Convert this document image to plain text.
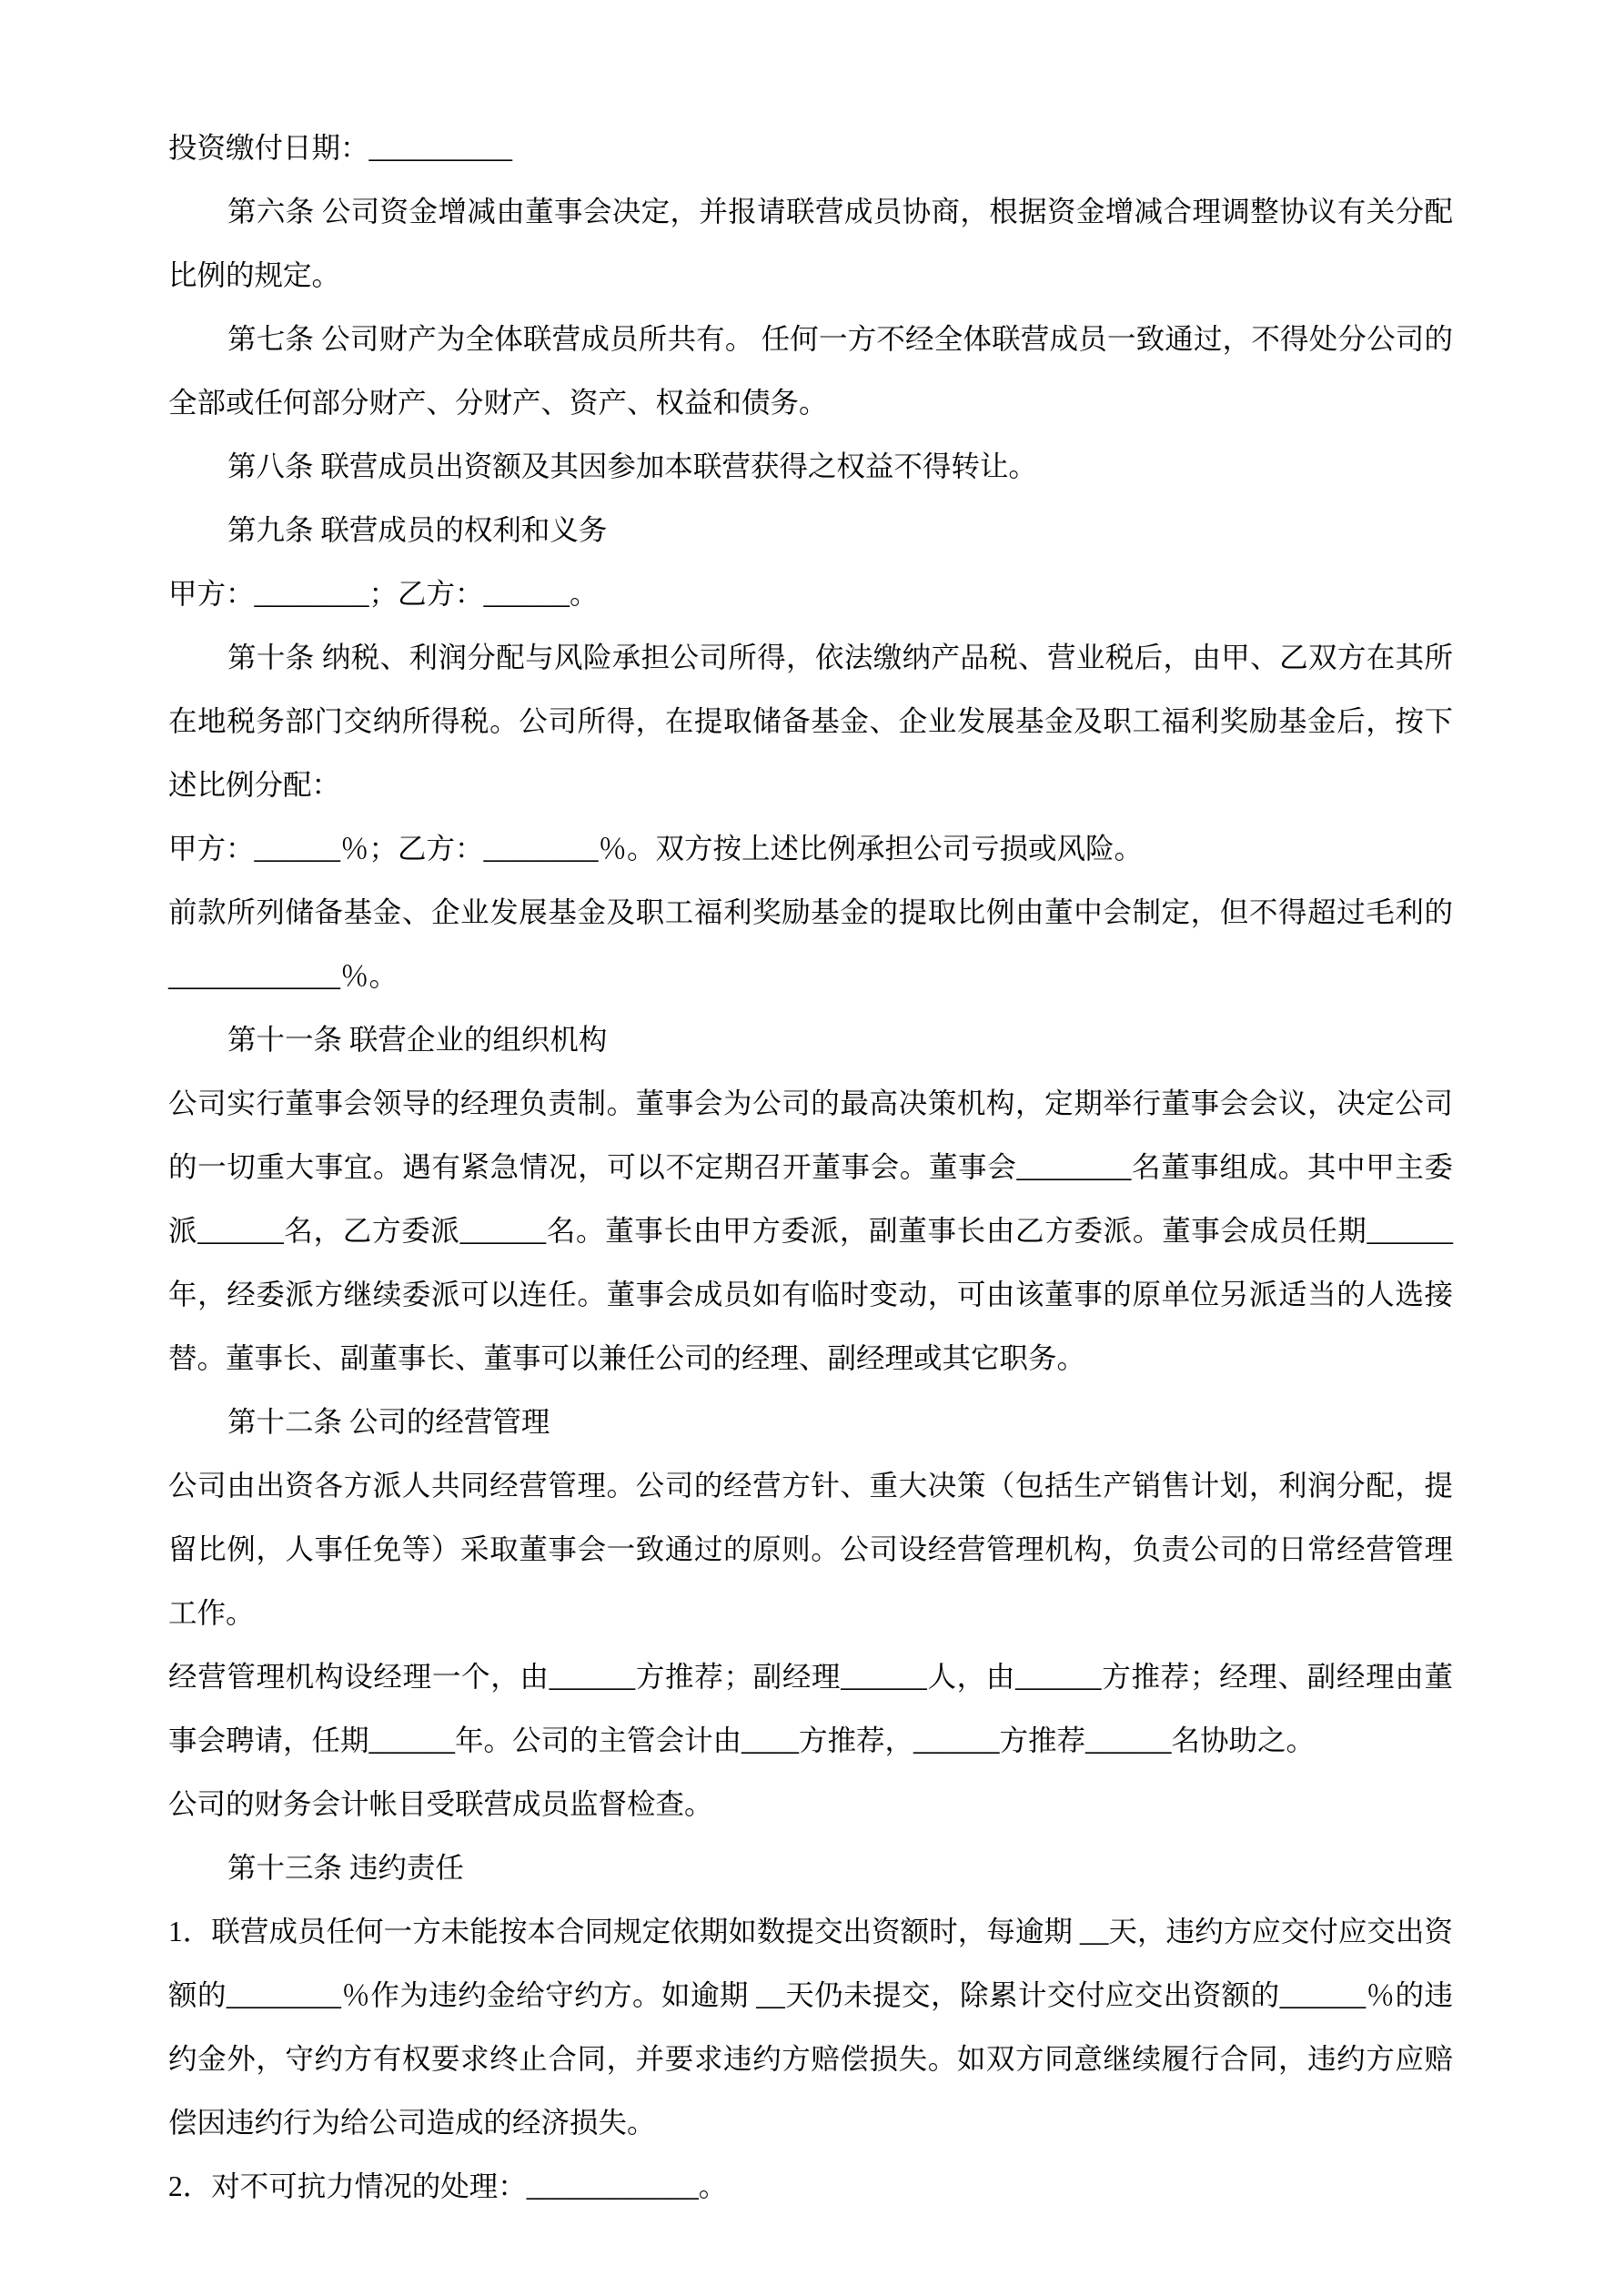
投资缴付日期：__________
第六条 公司资金增减由董事会决定，并报请联营成员协商，根据资金增减合理调整协议有关分配比例的规定。
第七条 公司财产为全体联营成员所共有。 任何一方不经全体联营成员一致通过，不得处分公司的全部或任何部分财产、分财产、资产、权益和债务。
第八条 联营成员出资额及其因参加本联营获得之权益不得转让。
第九条 联营成员的权利和义务
甲方：________；乙方：______。
第十条 纳税、利润分配与风险承担公司所得，依法缴纳产品税、营业税后，由甲、乙双方在其所在地税务部门交纳所得税。公司所得，在提取储备基金、企业发展基金及职工福利奖励基金后，按下述比例分配：
甲方：______％；乙方：________％。双方按上述比例承担公司亏损或风险。
前款所列储备基金、企业发展基金及职工福利奖励基金的提取比例由董中会制定，但不得超过毛利的____________％。
第十一条 联营企业的组织机构
公司实行董事会领导的经理负责制。董事会为公司的最高决策机构，定期举行董事会会议，决定公司的一切重大事宜。遇有紧急情况，可以不定期召开董事会。董事会________名董事组成。其中甲主委派______名，乙方委派______名。董事长由甲方委派，副董事长由乙方委派。董事会成员任期______年，经委派方继续委派可以连任。董事会成员如有临时变动，可由该董事的原单位另派适当的人选接替。董事长、副董事长、董事可以兼任公司的经理、副经理或其它职务。
第十二条 公司的经营管理
公司由出资各方派人共同经营管理。公司的经营方针、重大决策（包括生产销售计划，利润分配，提留比例，人事任免等）采取董事会一致通过的原则。公司设经营管理机构，负责公司的日常经营管理工作。
经营管理机构设经理一个，由______方推荐；副经理______人，由______方推荐；经理、副经理由董事会聘请，任期______年。公司的主管会计由____方推荐，______方推荐______名协助之。
公司的财务会计帐目受联营成员监督检查。
第十三条 违约责任
1．联营成员任何一方未能按本合同规定依期如数提交出资额时，每逾期 __天，违约方应交付应交出资额的________％作为违约金给守约方。如逾期 __天仍未提交，除累计交付应交出资额的______％的违约金外，守约方有权要求终止合同，并要求违约方赔偿损失。如双方同意继续履行合同，违约方应赔偿因违约行为给公司造成的经济损失。
2．对不可抗力情况的处理：____________。
